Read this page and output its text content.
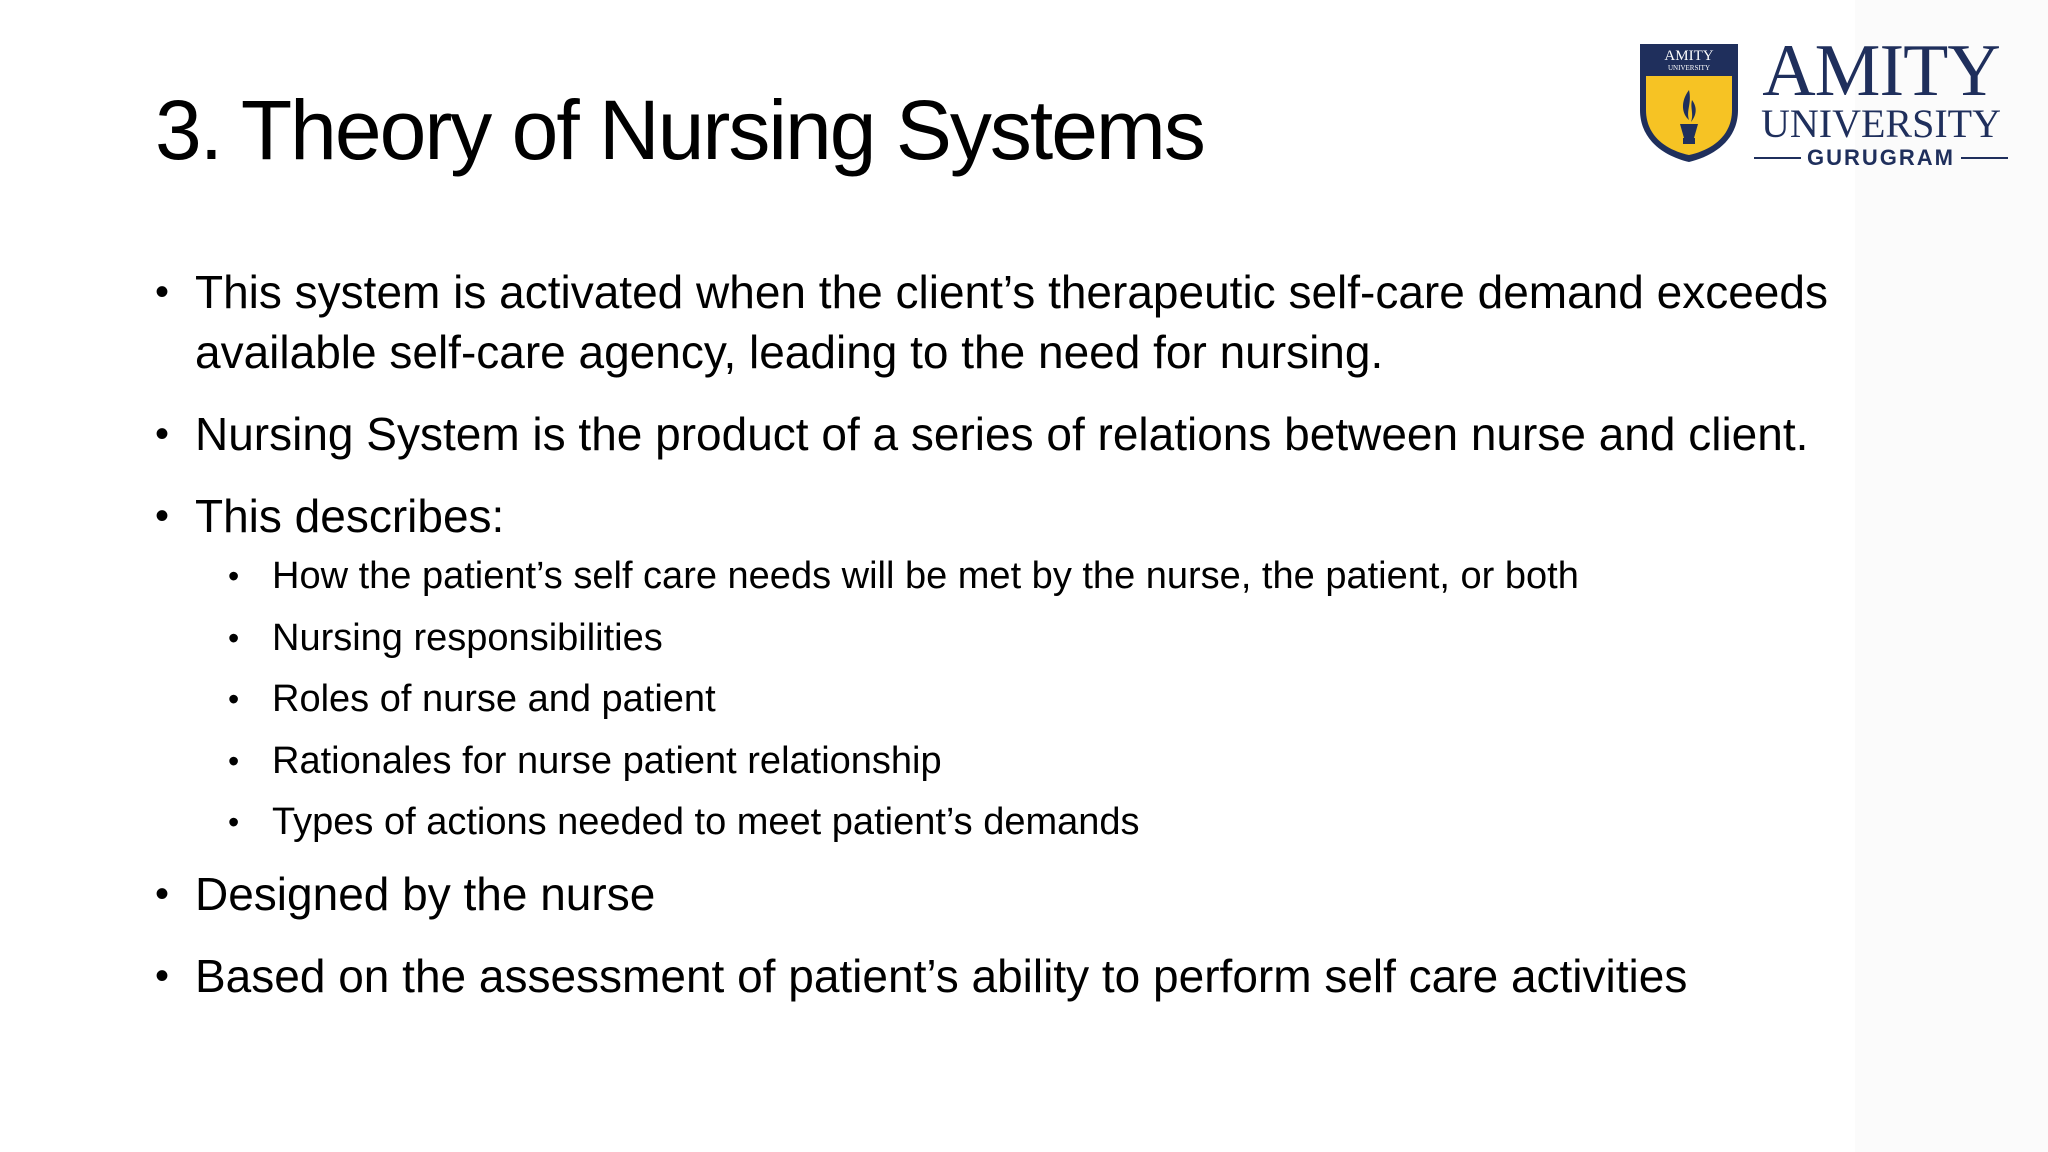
3. Theory of Nursing Systems
AMITY
UNIVERSITY AMITY
UNIVERSITY
GURUGRAM
• This system is activated when the client’s therapeutic self-care demand exceeds available self-care agency, leading to the need for nursing.
• Nursing System is the product of a series of relations between nurse and client.
• This describes:
• How the patient’s self care needs will be met by the nurse, the patient, or both
• Nursing responsibilities
• Roles of nurse and patient
• Rationales for nurse patient relationship
• Types of actions needed to meet patient’s demands
• Designed by the nurse
• Based on the assessment of patient’s ability to perform self care activities
